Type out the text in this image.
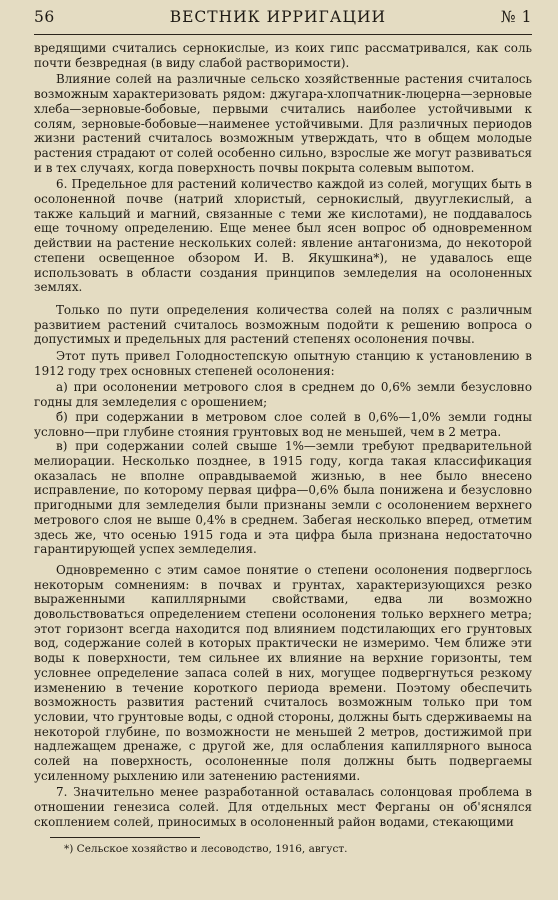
56	ВЕСТНИК ИРРИГАЦИИ	№ 1

вредящими считались сернокислые, из коих гипс рассматривался, как соль почти безвредная (в виду слабой растворимости).

Влияние солей на различные сельско хозяйственные растения считалось возможным характеризовать рядом: джугара-хлопчатник-люцерна—зерновые хлеба—зерновые-бобовые, первыми считались наиболее устойчивыми к солям, зерновые-бобовые—наименее устойчивыми. Для различных периодов жизни растений считалось возможным утверждать, что в общем молодые растения страдают от солей особенно сильно, взрослые же могут развиваться и в тех случаях, когда поверхность почвы покрыта солевым выпотом.

6. Предельное для растений количество каждой из солей, могущих быть в осолоненной почве (натрий хлористый, сернокислый, двууглекислый, а также кальций и магний, связанные с теми же кислотами), не поддавалось еще точному определению. Еще менее был ясен вопрос об одновременном действии на растение нескольких солей: явление антагонизма, до некоторой степени освещенное обзором И. В. Якушкина*), не удавалось еще использовать в области создания принципов земледелия на осолоненных землях.

Только по пути определения количества солей на полях с различным развитием растений считалось возможным подойти к решению вопроса о допустимых и предельных для растений степенях осолонения почвы.

Этот путь привел Голодностепскую опытную станцию к установлению в 1912 году трех основных степеней осолонения:

а) при осолонении метрового слоя в среднем до 0,6% земли безусловно годны для земледелия с орошением;

б) при содержании в метровом слое солей в 0,6%—1,0% земли годны условно—при глубине стояния грунтовых вод не меньшей, чем в 2 метра.

в) при содержании солей свыше 1%—земли требуют предварительной мелиорации. Несколько позднее, в 1915 году, когда такая классификация оказалась не вполне оправдываемой жизнью, в нее было внесено исправление, по которому первая цифра—0,6% была понижена и безусловно пригодными для земледелия были признаны земли с осолонением верхнего метрового слоя не выше 0,4% в среднем. Забегая несколько вперед, отметим здесь же, что осенью 1915 года и эта цифра была признана недостаточно гарантирующей успех земледелия.

Одновременно с этим самое понятие о степени осолонения подверглось некоторым сомнениям: в почвах и грунтах, характеризующихся резко выраженными капиллярными свойствами, едва ли возможно довольствоваться определением степени осолонения только верхнего метра; этот горизонт всегда находится под влиянием подстилающих его грунтовых вод, содержание солей в которых практически не измеримо. Чем ближе эти воды к поверхности, тем сильнее их влияние на верхние горизонты, тем условнее определение запаса солей в них, могущее подвергнуться резкому изменению в течение короткого периода времени. Поэтому обеспечить возможность развития растений считалось возможным только при том условии, что грунтовые воды, с одной стороны, должны быть сдерживаемы на некоторой глубине, по возможности не меньшей 2 метров, достижимой при надлежащем дренаже, с другой же, для ослабления капиллярного выноса солей на поверхность, осолоненные поля должны быть подвергаемы усиленному рыхлению или затенению растениями.

7. Значительно менее разработанной оставалась солонцовая проблема в отношении генезиса солей. Для отдельных мест Ферганы он об'яснялся скоплением солей, приносимых в осолоненный район водами, стекающими

*) Сельское хозяйство и лесоводство, 1916, август.
